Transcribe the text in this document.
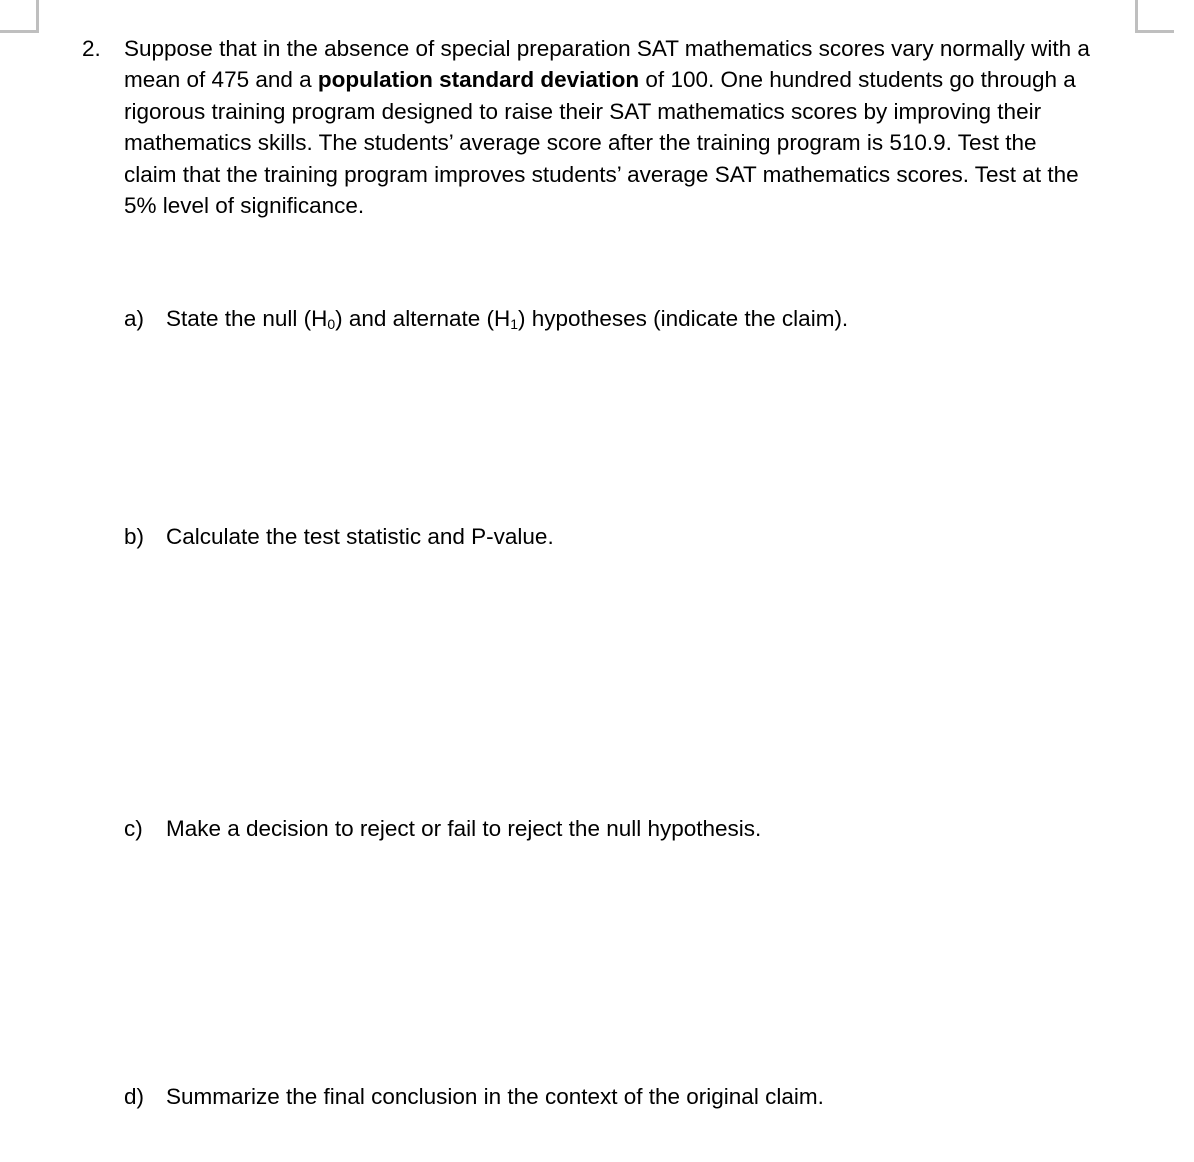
2. Suppose that in the absence of special preparation SAT mathematics scores vary normally with a
mean of 475 and a population standard deviation of 100. One hundred students go through a
rigorous training program designed to raise their SAT mathematics scores by improving their
mathematics skills. The students’ average score after the training program is 510.9. Test the
claim that the training program improves students’ average SAT mathematics scores. Test at the
5% level of significance.
a) State the null $(H_0)$ and alternate $(H_1)$ hypotheses (indicate the claim).
b) Calculate the test statistic and P-value.
c) Make a decision to reject or fail to reject the null hypothesis.
d) Summarize the final conclusion in the context of the original claim.
